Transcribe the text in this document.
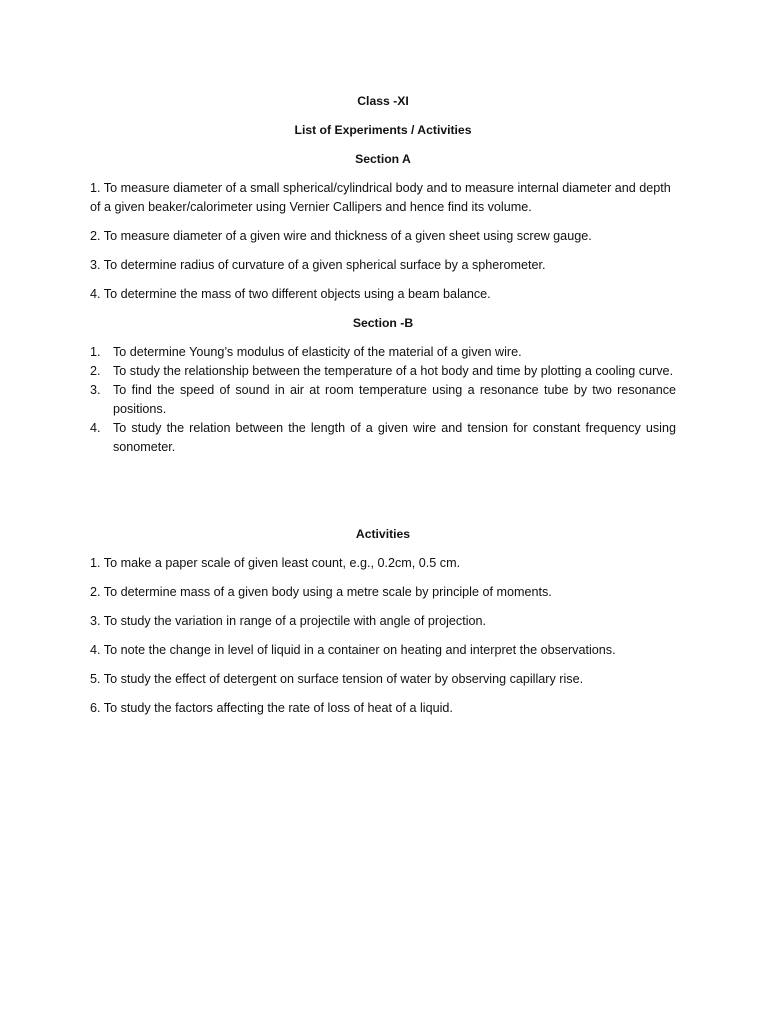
Class -XI
List of Experiments / Activities
Section A
1. To measure diameter of a small spherical/cylindrical body and to measure internal diameter and depth of a given beaker/calorimeter using Vernier Callipers and hence find its volume.
2. To measure diameter of a given wire and thickness of a given sheet using screw gauge.
3. To determine radius of curvature of a given spherical surface by a spherometer.
4. To determine the mass of two different objects using a beam balance.
Section -B
1. To determine Young’s modulus of elasticity of the material of a given wire.
2. To study the relationship between the temperature of a hot body and time by plotting a cooling curve.
3. To find the speed of sound in air at room temperature using a resonance tube by two resonance positions.
4. To study the relation between the length of a given wire and tension for constant frequency using sonometer.
Activities
1. To make a paper scale of given least count, e.g., 0.2cm, 0.5 cm.
2. To determine mass of a given body using a metre scale by principle of moments.
3. To study the variation in range of a projectile with angle of projection.
4. To note the change in level of liquid in a container on heating and interpret the observations.
5. To study the effect of detergent on surface tension of water by observing capillary rise.
6. To study the factors affecting the rate of loss of heat of a liquid.
